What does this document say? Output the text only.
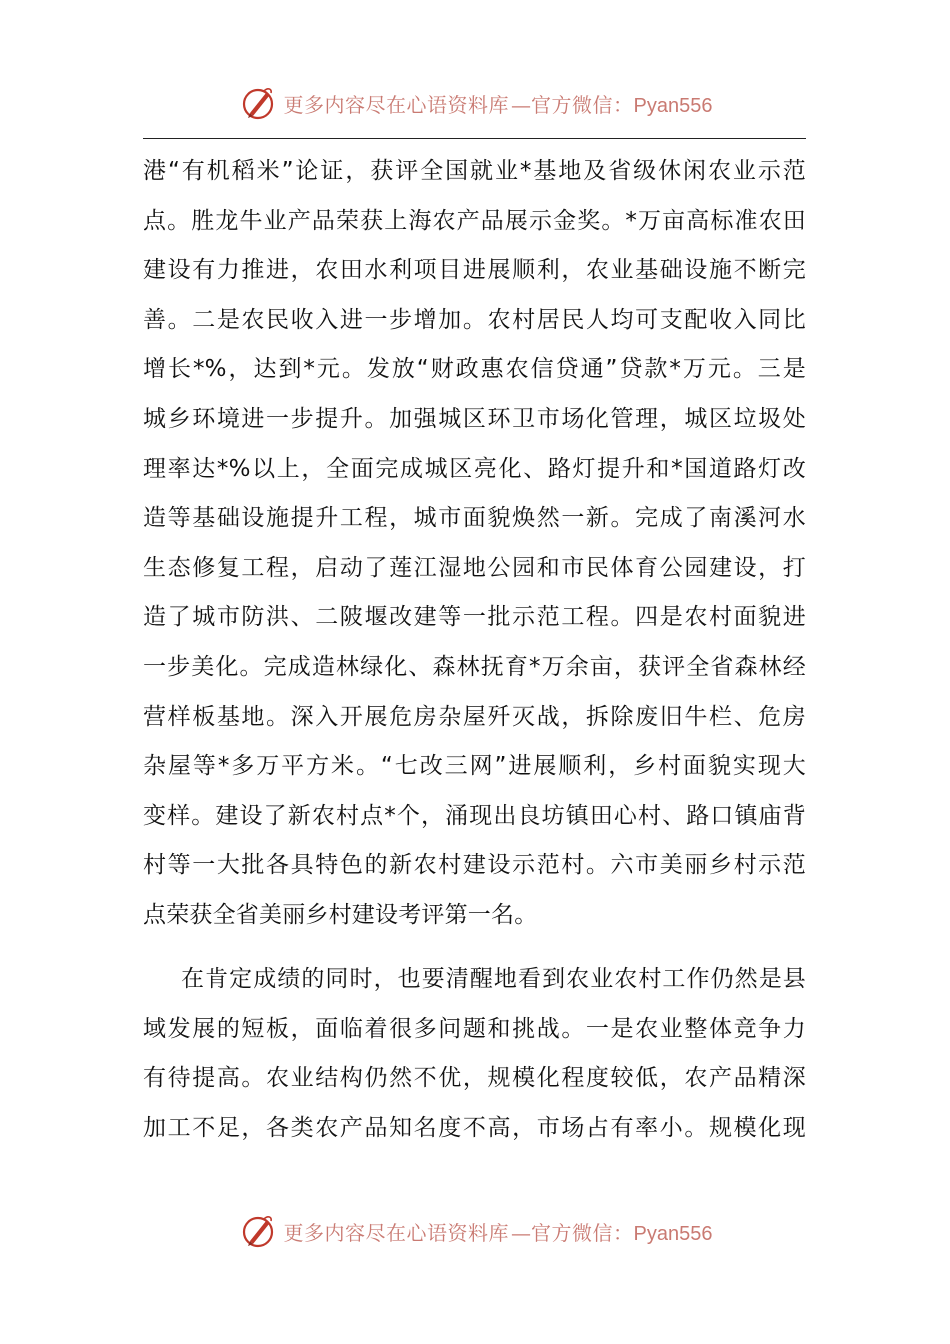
更多内容尽在心语资料库 — 官方微信：Pyan556
港“有机稻米”论证，获评全国就业*基地及省级休闲农业示范
点。胜龙牛业产品荣获上海农产品展示金奖。*万亩高标准农田
建设有力推进，农田水利项目进展顺利，农业基础设施不断完
善。二是农民收入进一步增加。农村居民人均可支配收入同比
增长*%，达到*元。发放“财政惠农信贷通”贷款*万元。三是
城乡环境进一步提升。加强城区环卫市场化管理，城区垃圾处
理率达*%以上，全面完成城区亮化、路灯提升和*国道路灯改
造等基础设施提升工程，城市面貌焕然一新。完成了南溪河水
生态修复工程，启动了莲江湿地公园和市民体育公园建设，打
造了城市防洪、二陂堰改建等一批示范工程。四是农村面貌进
一步美化。完成造林绿化、森林抚育*万余亩，获评全省森林经
营样板基地。深入开展危房杂屋歼灭战，拆除废旧牛栏、危房
杂屋等*多万平方米。“七改三网”进展顺利，乡村面貌实现大
变样。建设了新农村点*个，涌现出良坊镇田心村、路口镇庙背
村等一大批各具特色的新农村建设示范村。六市美丽乡村示范
点荣获全省美丽乡村建设考评第一名。
在肯定成绩的同时，也要清醒地看到农业农村工作仍然是县
域发展的短板，面临着很多问题和挑战。一是农业整体竞争力
有待提高。农业结构仍然不优，规模化程度较低，农产品精深
加工不足，各类农产品知名度不高，市场占有率小。规模化现
更多内容尽在心语资料库 — 官方微信：Pyan556
